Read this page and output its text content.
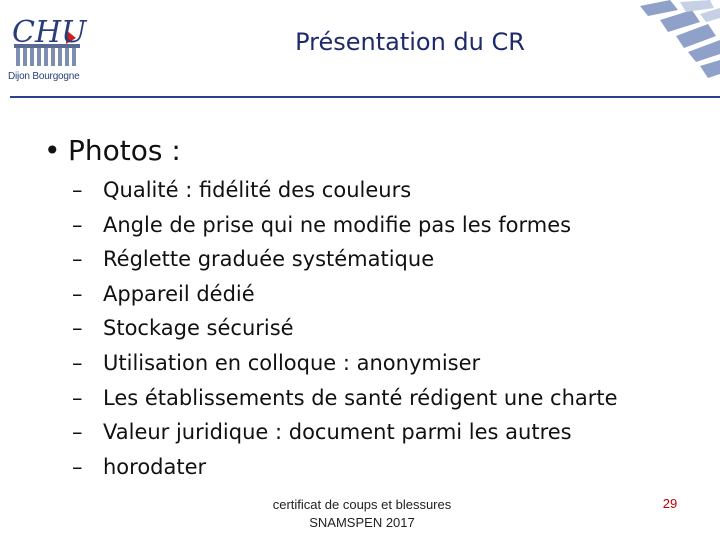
CHU
Dijon Bourgogne
Présentation du CR
• Photos :
– Qualité : fidélité des couleurs
– Angle de prise qui ne modifie pas les formes
– Réglette graduée systématique
– Appareil dédié
– Stockage sécurisé
– Utilisation en colloque : anonymiser
– Les établissements de santé rédigent une charte
– Valeur juridique : document parmi les autres
– horodater
certificat de coups et blessures
SNAMSPEN 2017
29
